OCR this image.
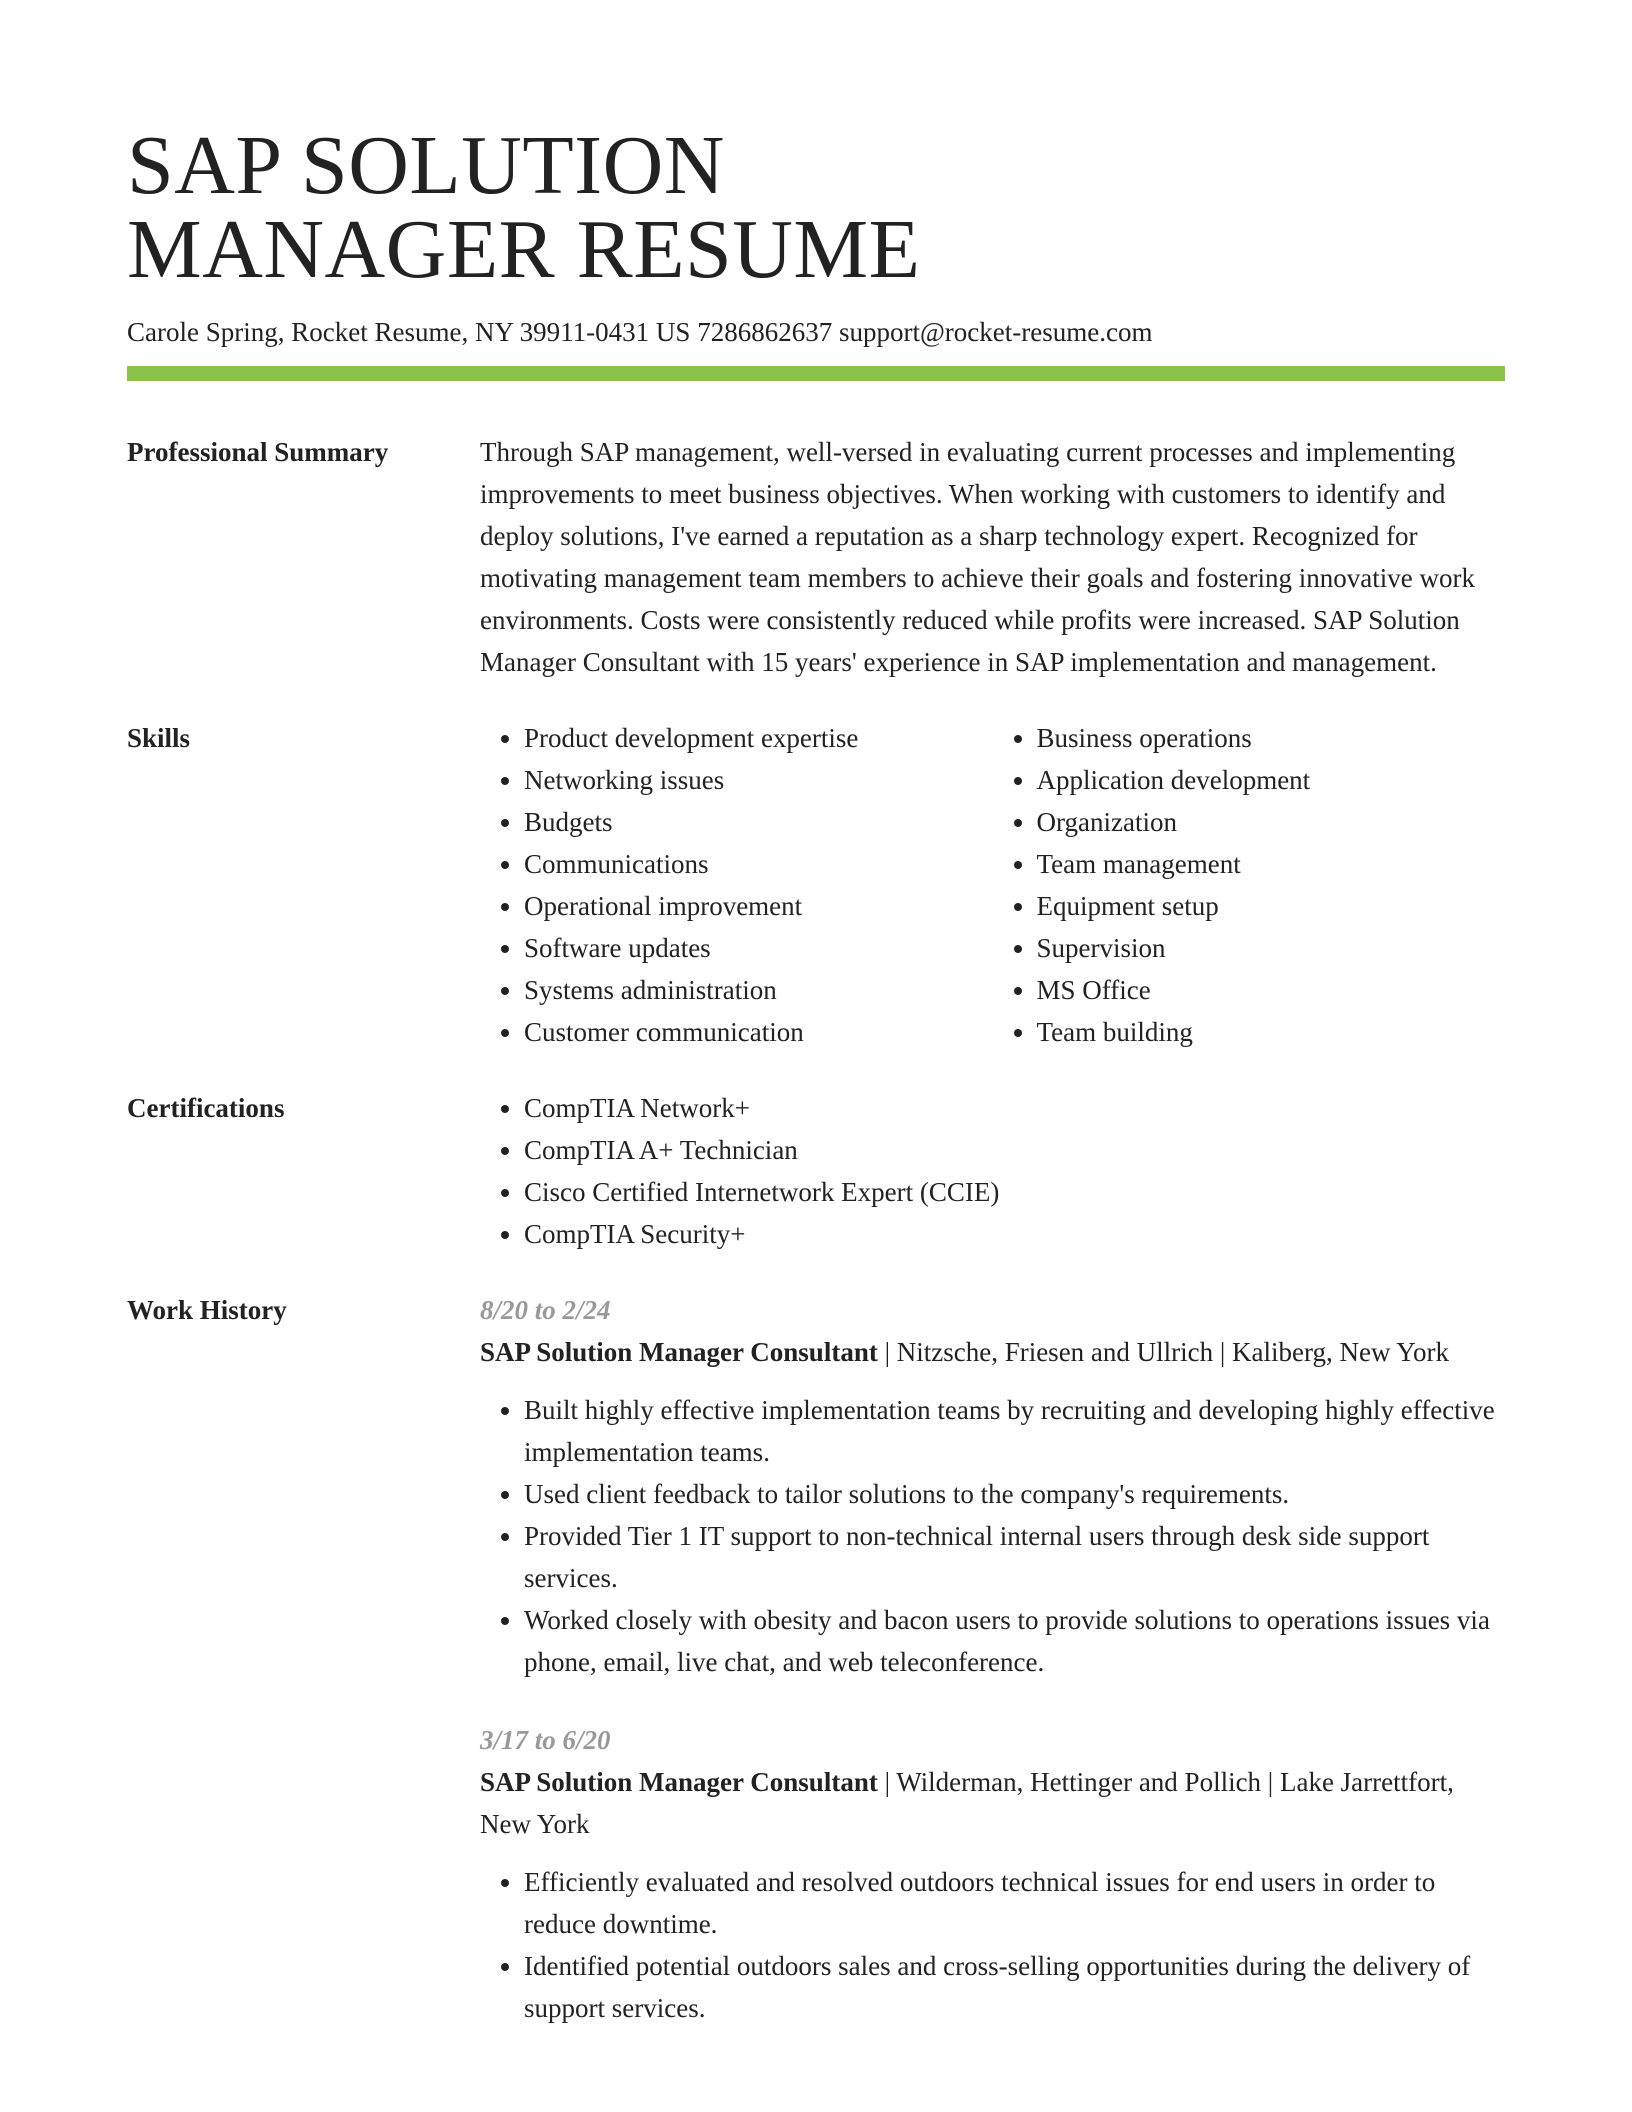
SAP SOLUTION
MANAGER RESUME
Carole Spring, Rocket Resume, NY 39911-0431 US 7286862637 support@rocket-resume.com
Professional Summary	Through SAP management, well-versed in evaluating current processes and implementing improvements to meet business objectives. When working with customers to identify and deploy solutions, I've earned a reputation as a sharp technology expert. Recognized for motivating management team members to achieve their goals and fostering innovative work environments. Costs were consistently reduced while profits were increased. SAP Solution Manager Consultant with 15 years' experience in SAP implementation and management.

Skills	• Product development expertise
• Networking issues
• Budgets
• Communications
• Operational improvement
• Software updates
• Systems administration
• Customer communication
• Business operations
• Application development
• Organization
• Team management
• Equipment setup
• Supervision
• MS Office
• Team building
Certifications	• CompTIA Network+
• CompTIA A+ Technician
• Cisco Certified Internetwork Expert (CCIE)
• CompTIA Security+
Work History	8/20 to 2/24
SAP Solution Manager Consultant | Nitzsche, Friesen and Ullrich | Kaliberg, New York
• Built highly effective implementation teams by recruiting and developing highly effective implementation teams.
• Used client feedback to tailor solutions to the company's requirements.
• Provided Tier 1 IT support to non-technical internal users through desk side support services.
• Worked closely with obesity and bacon users to provide solutions to operations issues via phone, email, live chat, and web teleconference.
3/17 to 6/20
SAP Solution Manager Consultant | Wilderman, Hettinger and Pollich | Lake Jarrettfort, New York
• Efficiently evaluated and resolved outdoors technical issues for end users in order to reduce downtime.
• Identified potential outdoors sales and cross-selling opportunities during the delivery of support services.
